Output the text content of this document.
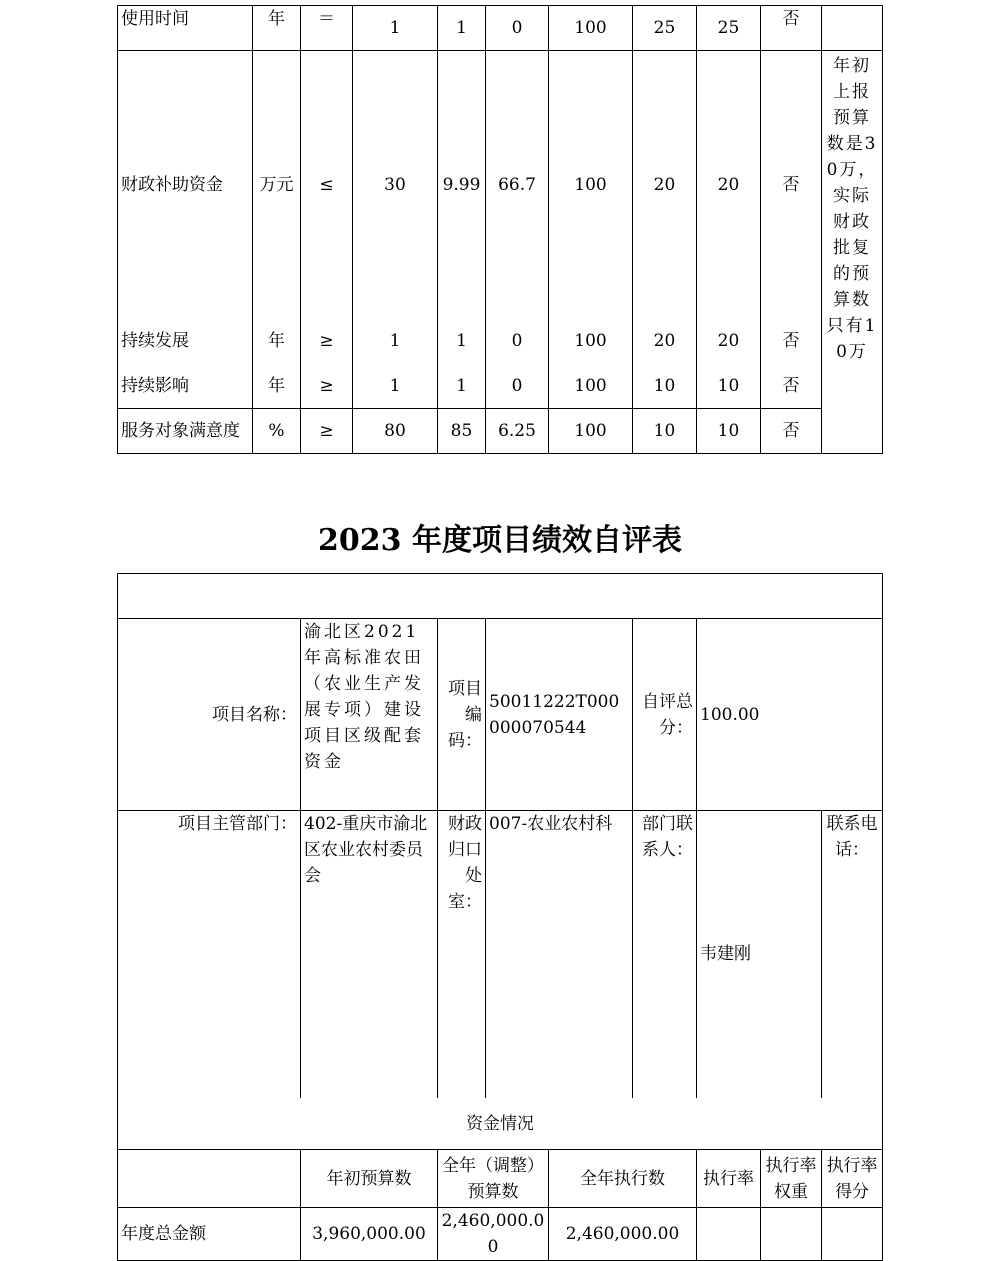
使用时间	年	＝	1	1	0	100	25	25	否	
财政补助资金	万元	≤	30	9.99	66.7	100	20	20	否	年初上报预算数是30万，实际财政批复的预算数只有10万

持续发展	年	≥	1	1	0	100	20	20	否	
持续影响	年	≥	1	1	0	100	10	10	否	
服务对象满意度	%	≥	80	85	6.25	100	10	10	否	
2023 年度项目绩效自评表

项目名称：	渝北区2021年高标准农田（农业生产发展专项）建设项目区级配套资金	项目编码：	50011222T000000070544		自评总分：	100.00			
项目主管部门：	402-重庆市渝北区农业农村委员会	财政归口处室：	007-农业农村科		部门联系人：	韦建刚		联系电话：	
资金情况									
	年初预算数	全年（调整）预算数		全年执行数		执行率	执行率权重	执行率得分	
年度总金额	3,960,000.00	2,460,000.00		2,460,000.00					
